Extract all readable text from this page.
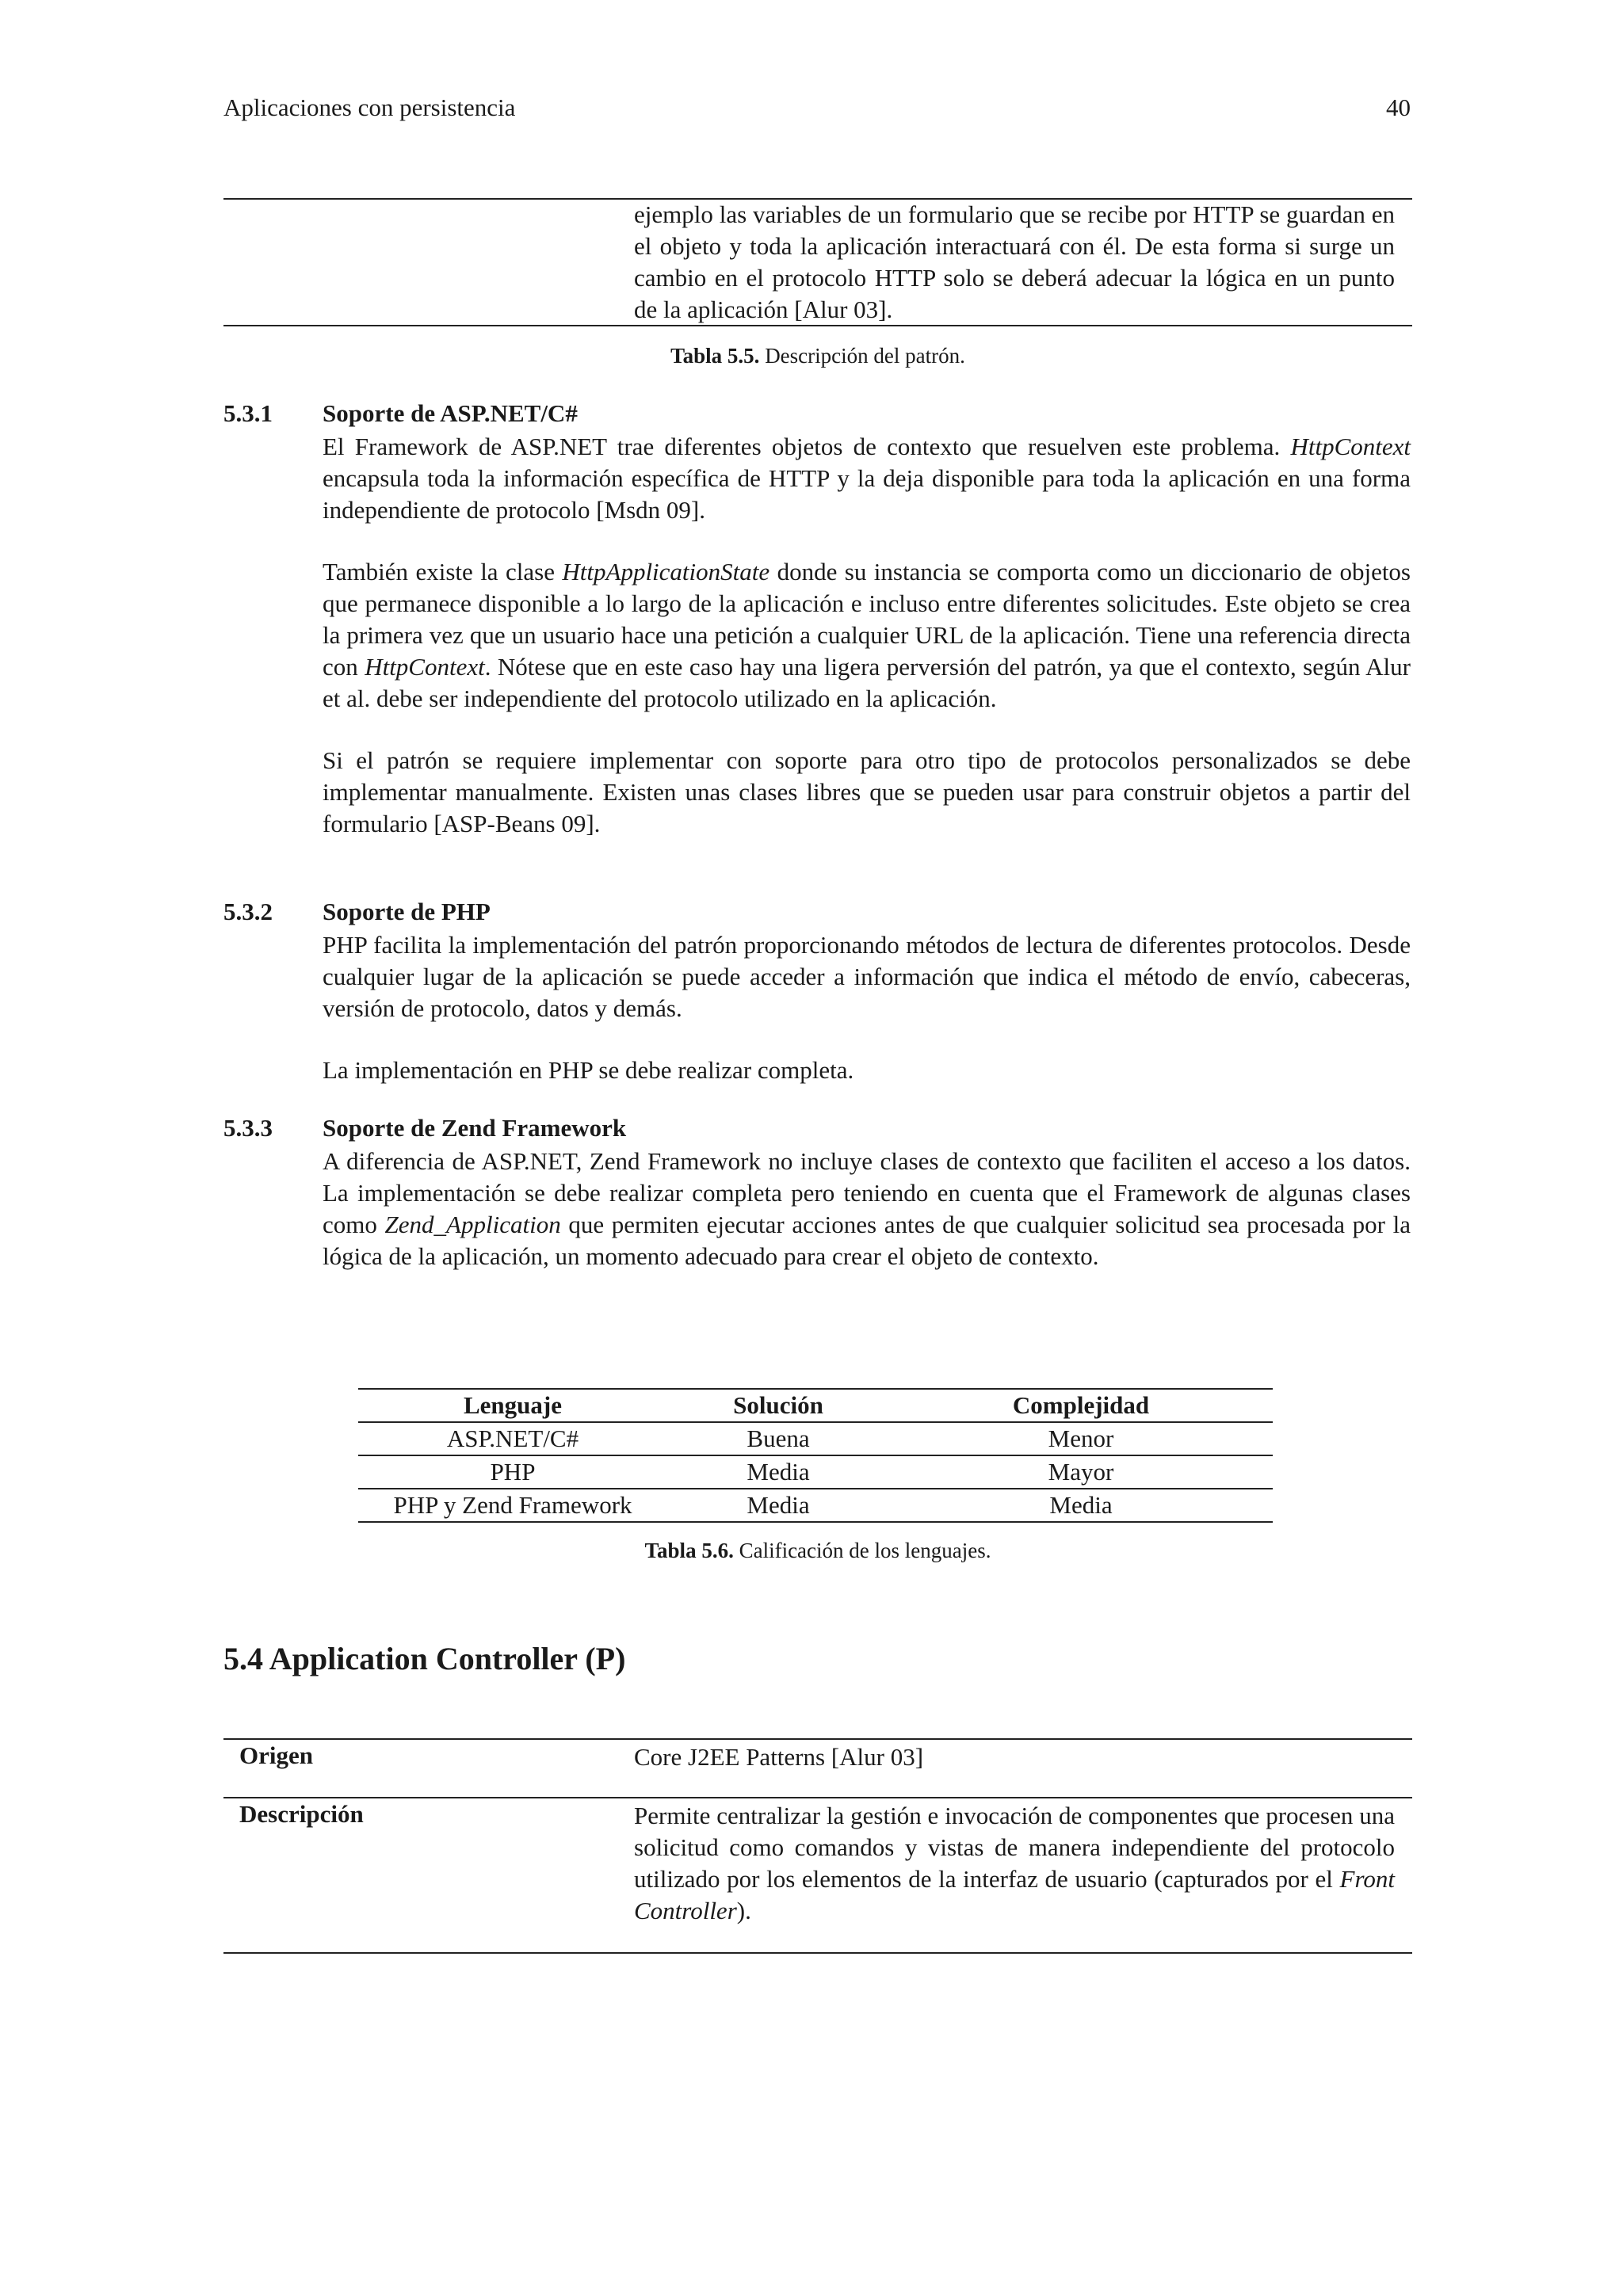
Aplicaciones con persistencia	40
ejemplo las variables de un formulario que se recibe por HTTP se guardan en el objeto y toda la aplicación interactuará con él. De esta forma si surge un cambio en el protocolo HTTP solo se deberá adecuar la lógica en un punto de la aplicación [Alur 03].
Tabla 5.5. Descripción del patrón.
5.3.1 Soporte de ASP.NET/C#

El Framework de ASP.NET trae diferentes objetos de contexto que resuelven este problema. HttpContext encapsula toda la información específica de HTTP y la deja disponible para toda la aplicación en una forma independiente de protocolo [Msdn 09].

También existe la clase HttpApplicationState donde su instancia se comporta como un diccionario de objetos que permanece disponible a lo largo de la aplicación e incluso entre diferentes solicitudes. Este objeto se crea la primera vez que un usuario hace una petición a cualquier URL de la aplicación. Tiene una referencia directa con HttpContext. Nótese que en este caso hay una ligera perversión del patrón, ya que el contexto, según Alur et al. debe ser independiente del protocolo utilizado en la aplicación.

Si el patrón se requiere implementar con soporte para otro tipo de protocolos personalizados se debe implementar manualmente. Existen unas clases libres que se pueden usar para construir objetos a partir del formulario [ASP-Beans 09].

5.3.2 Soporte de PHP

PHP facilita la implementación del patrón proporcionando métodos de lectura de diferentes protocolos. Desde cualquier lugar de la aplicación se puede acceder a información que indica el método de envío, cabeceras, versión de protocolo, datos y demás.

La implementación en PHP se debe realizar completa.

5.3.3 Soporte de Zend Framework

A diferencia de ASP.NET, Zend Framework no incluye clases de contexto que faciliten el acceso a los datos. La implementación se debe realizar completa pero teniendo en cuenta que el Framework de algunas clases como Zend_Application que permiten ejecutar acciones antes de que cualquier solicitud sea procesada por la lógica de la aplicación, un momento adecuado para crear el objeto de contexto.

Lenguaje	Solución	Complejidad
ASP.NET/C#	Buena	Menor
PHP	Media	Mayor
PHP y Zend Framework	Media	Media
Tabla 5.6. Calificación de los lenguajes.
5.4 Application Controller (P)
Origen	Core J2EE Patterns [Alur 03]
Descripción	Permite centralizar la gestión e invocación de componentes que procesen una solicitud como comandos y vistas de manera independiente del protocolo utilizado por los elementos de la interfaz de usuario (capturados por el Front Controller).
